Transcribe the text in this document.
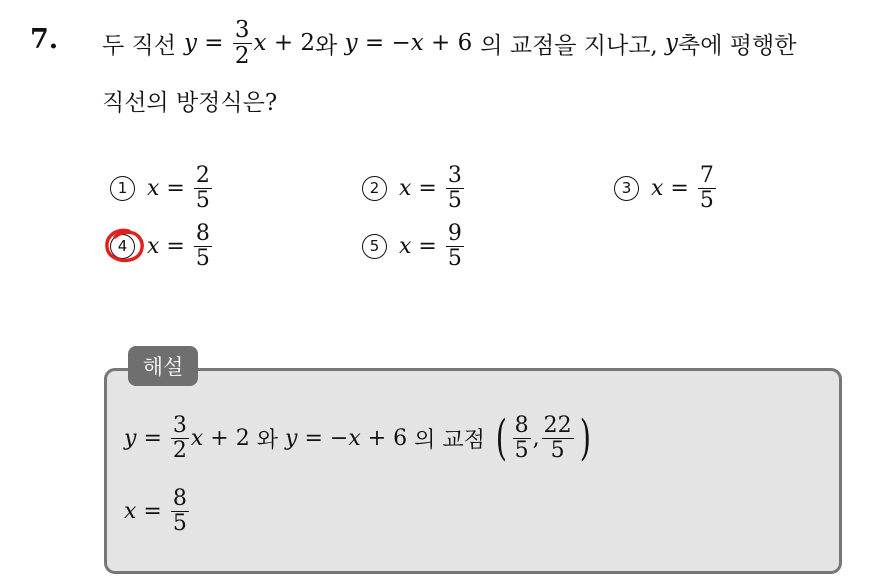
7. 두 직선 y
=
$\frac{3}{2}$ x
+ 2 와
y
=
− x
+ 6 의 교점을 지나고,
y 축에 평행한
직선의 방정식은?
1 x
=
$\frac{2}{5}$	2 x
=
$\frac{3}{5}$	3 x
=
$\frac{7}{5}$
4 x
=
$\frac{8}{5}$	5 x
=
$\frac{9}{5}$
해설
y
=
$\frac{3}{2}$ x
+ 2
와
y
=
− x
+ 6
의 교점
( $\frac{8}{5}$ , $\frac{22}{5}$ )
x
=
$\frac{8}{5}$
